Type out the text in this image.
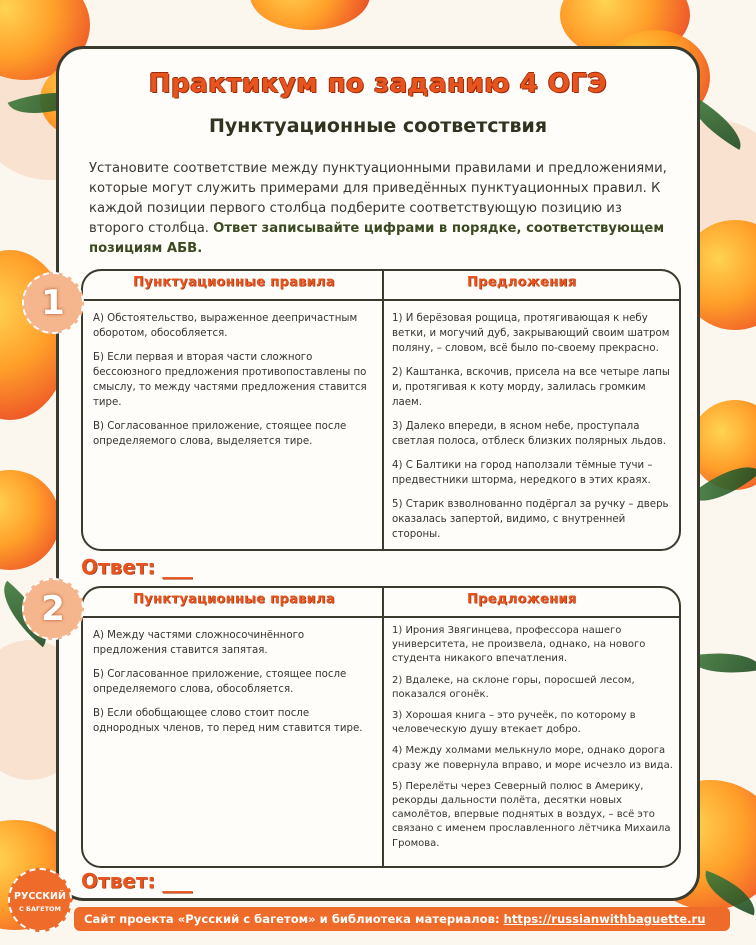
Практикум по заданию 4 ОГЭ
Пунктуационные соответствия
Установите соответствие между пунктуационными правилами и предложениями, которые могут служить примерами для приведённых пунктуационных правил. К каждой позиции первого столбца подберите соответствующую позицию из второго столбца. Ответ записывайте цифрами в порядке, соответствующем позициям АБВ.
Пунктуационные правила	Предложения

А) Обстоятельство, выраженное деепричастным оборотом, обособляется.

Б) Если первая и вторая части сложного бессоюзного предложения противопоставлены по смыслу, то между частями предложения ставится тире.

В) Согласованное приложение, стоящее после определяемого слова, выделяется тире.

1) И берёзовая рощица, протягивающая к небу ветки, и могучий дуб, закрывающий своим шатром поляну, – словом, всё было по-своему прекрасно.

2) Каштанка, вскочив, присела на все четыре лапы и, протягивая к коту морду, залилась громким лаем.

3) Далеко впереди, в ясном небе, проступала светлая полоса, отблеск близких полярных льдов.

4) С Балтики на город наползали тёмные тучи – предвестники шторма, нередкого в этих краях.

5) Старик взволнованно подёргал за ручку – дверь оказалась запертой, видимо, с внутренней стороны.

Ответ: ___
Пунктуационные правила	Предложения

А) Между частями сложносочинённого предложения ставится запятая.

Б) Согласованное приложение, стоящее после определяемого слова, обособляется.

В) Если обобщающее слово стоит после однородных членов, то перед ним ставится тире.

1) Ирония Звягинцева, профессора нашего университета, не произвела, однако, на нового студента никакого впечатления.

2) Вдалеке, на склоне горы, поросшей лесом, показался огонёк.

3) Хорошая книга – это ручеёк, по которому в человеческую душу втекает добро.

4) Между холмами мелькнуло море, однако дорога сразу же повернула вправо, и море исчезло из вида.

5) Перелёты через Северный полюс в Америку, рекорды дальности полёта, десятки новых самолётов, впервые поднятых в воздух, – всё это связано с именем прославленного лётчика Михаила Громова.

Ответ: ___
1
2
РУССКИЙ
С БАГЕТОМ
Сайт проекта «Русский с багетом» и библиотека материалов: https://russianwithbaguette.ru
